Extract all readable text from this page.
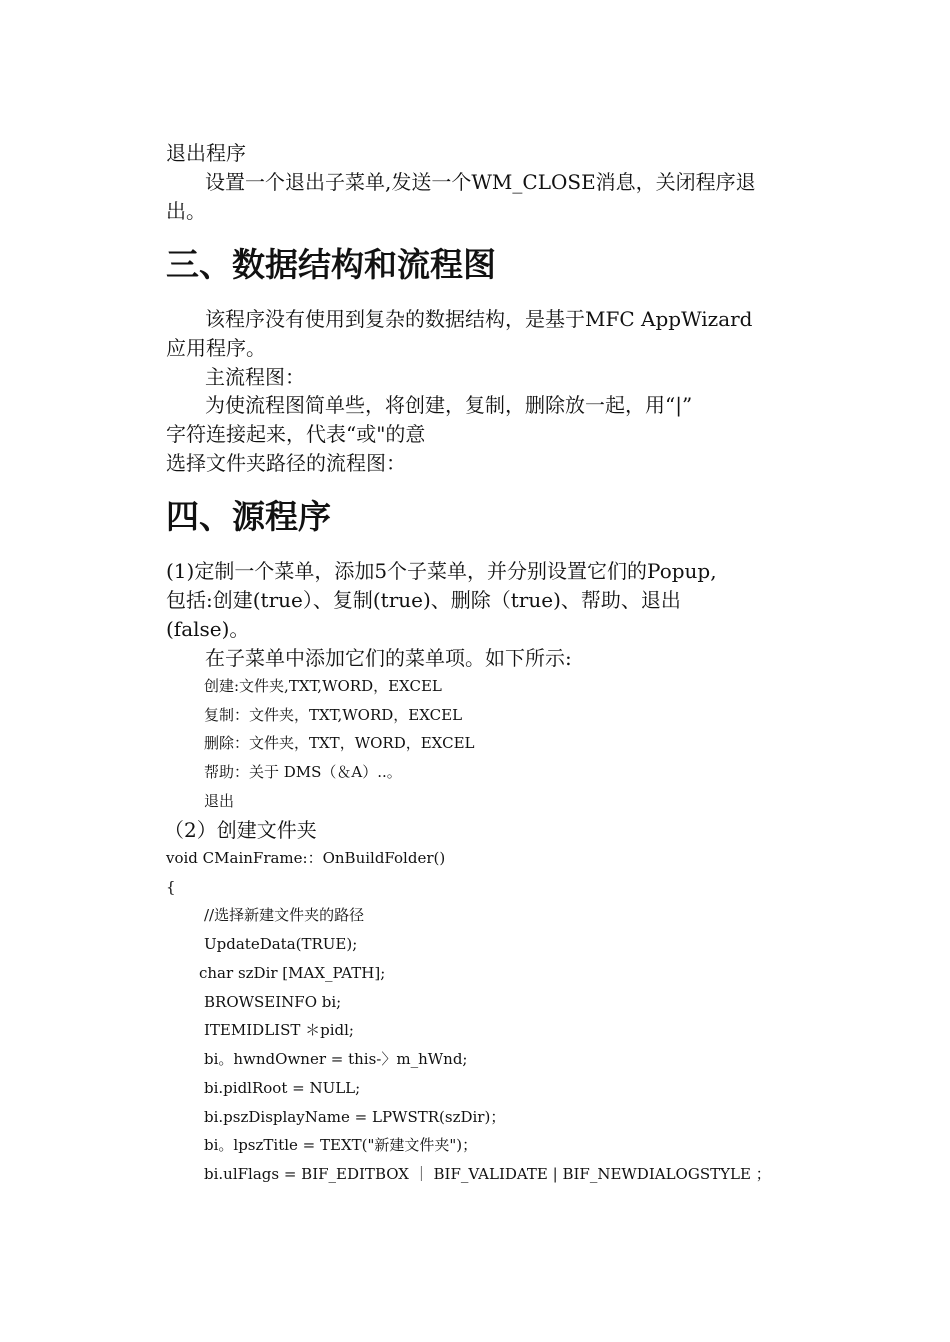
退出程序
设置一个退出子菜单,发送一个WM_CLOSE消息，关闭程序退
出。
三、数据结构和流程图
该程序没有使用到复杂的数据结构，是基于MFC AppWizard
应用程序。
主流程图：
为使流程图简单些，将创建，复制，删除放一起，用“|”
字符连接起来，代表“或"的意
选择文件夹路径的流程图：
四、源程序
(1)定制一个菜单，添加5个子菜单，并分别设置它们的Popup,
包括:创建(true）、复制(true)、删除（true)、帮助、退出
(false)。
在子菜单中添加它们的菜单项。如下所示:
创建:文件夹,TXT,WORD，EXCEL
复制：文件夹，TXT,WORD，EXCEL
删除：文件夹，TXT，WORD，EXCEL
帮助：关于 DMS（＆A）..。
退出
（2）创建文件夹
void CMainFrame:：OnBuildFolder()
{
//选择新建文件夹的路径
UpdateData(TRUE);
char szDir [MAX_PATH];
BROWSEINFO bi;
ITEMIDLIST ＊pidl;
bi。hwndOwner = this-〉m_hWnd;
bi.pidlRoot = NULL;
bi.pszDisplayName = LPWSTR(szDir)；
bi。lpszTitle = TEXT("新建文件夹")；
bi.ulFlags = BIF_EDITBOX ｜ BIF_VALIDATE | BIF_NEWDIALOGSTYLE ；
